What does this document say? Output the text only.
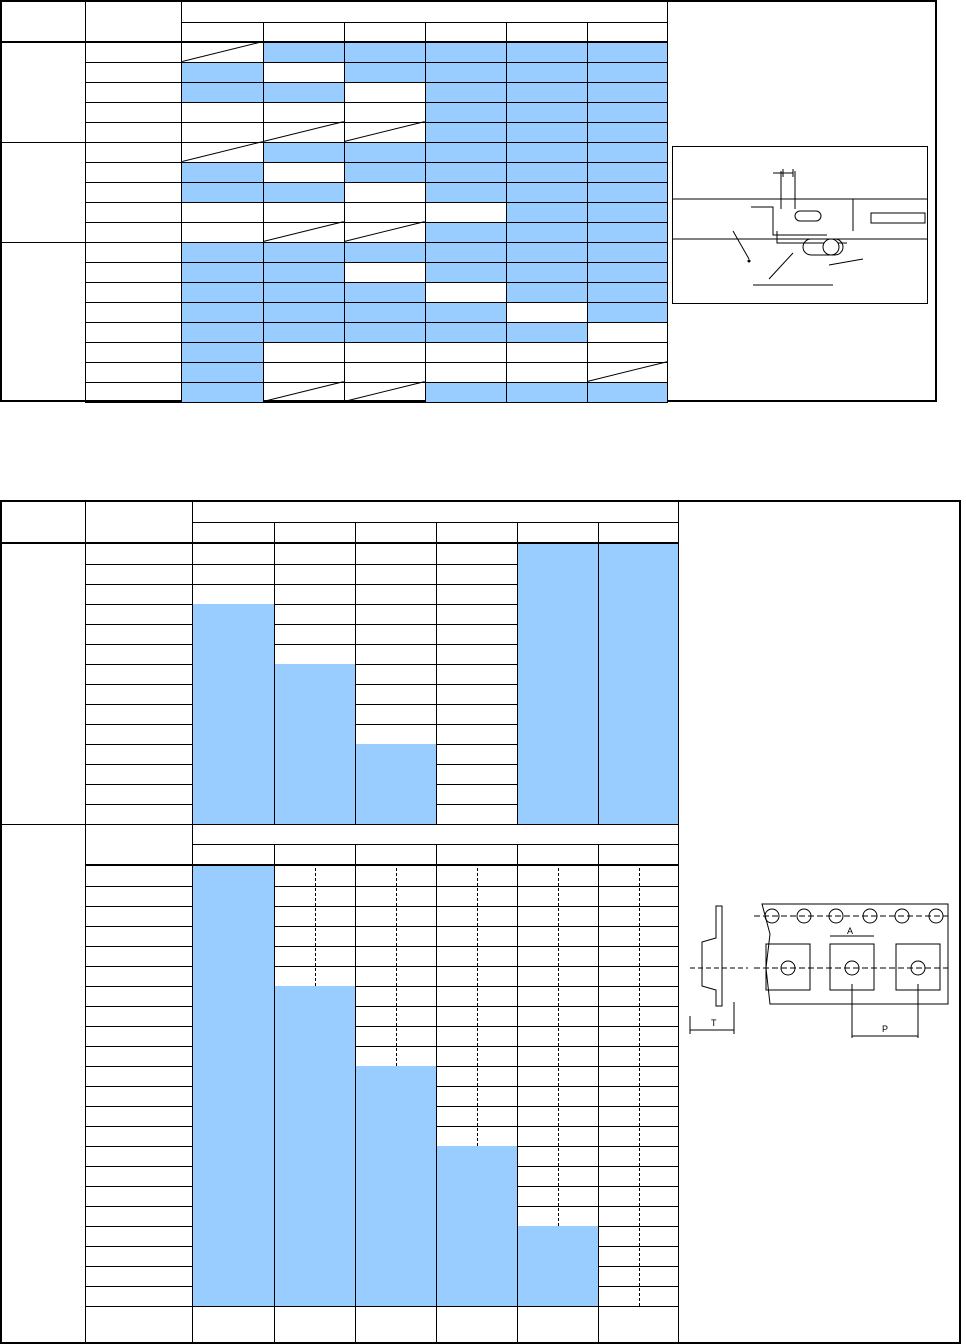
T
A
P
